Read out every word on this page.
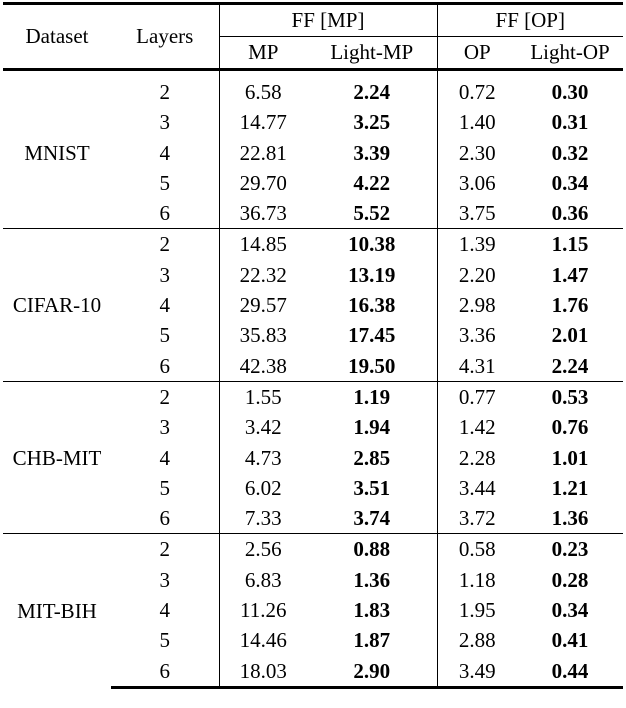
Dataset	Layers	FF [MP]		FF [OP]	
		MP	Light-MP	OP	Light-OP

MNIST	2	6.58	2.24	0.72	0.30
	3	14.77	3.25	1.40	0.31
	4	22.81	3.39	2.30	0.32
	5	29.70	4.22	3.06	0.34
	6	36.73	5.52	3.75	0.36
CIFAR-10	2	14.85	10.38	1.39	1.15
	3	22.32	13.19	2.20	1.47
	4	29.57	16.38	2.98	1.76
	5	35.83	17.45	3.36	2.01
	6	42.38	19.50	4.31	2.24
CHB-MIT	2	1.55	1.19	0.77	0.53
	3	3.42	1.94	1.42	0.76
	4	4.73	2.85	2.28	1.01
	5	6.02	3.51	3.44	1.21
	6	7.33	3.74	3.72	1.36
MIT-BIH	2	2.56	0.88	0.58	0.23
	3	6.83	1.36	1.18	0.28
	4	11.26	1.83	1.95	0.34
	5	14.46	1.87	2.88	0.41
	6	18.03	2.90	3.49	0.44
